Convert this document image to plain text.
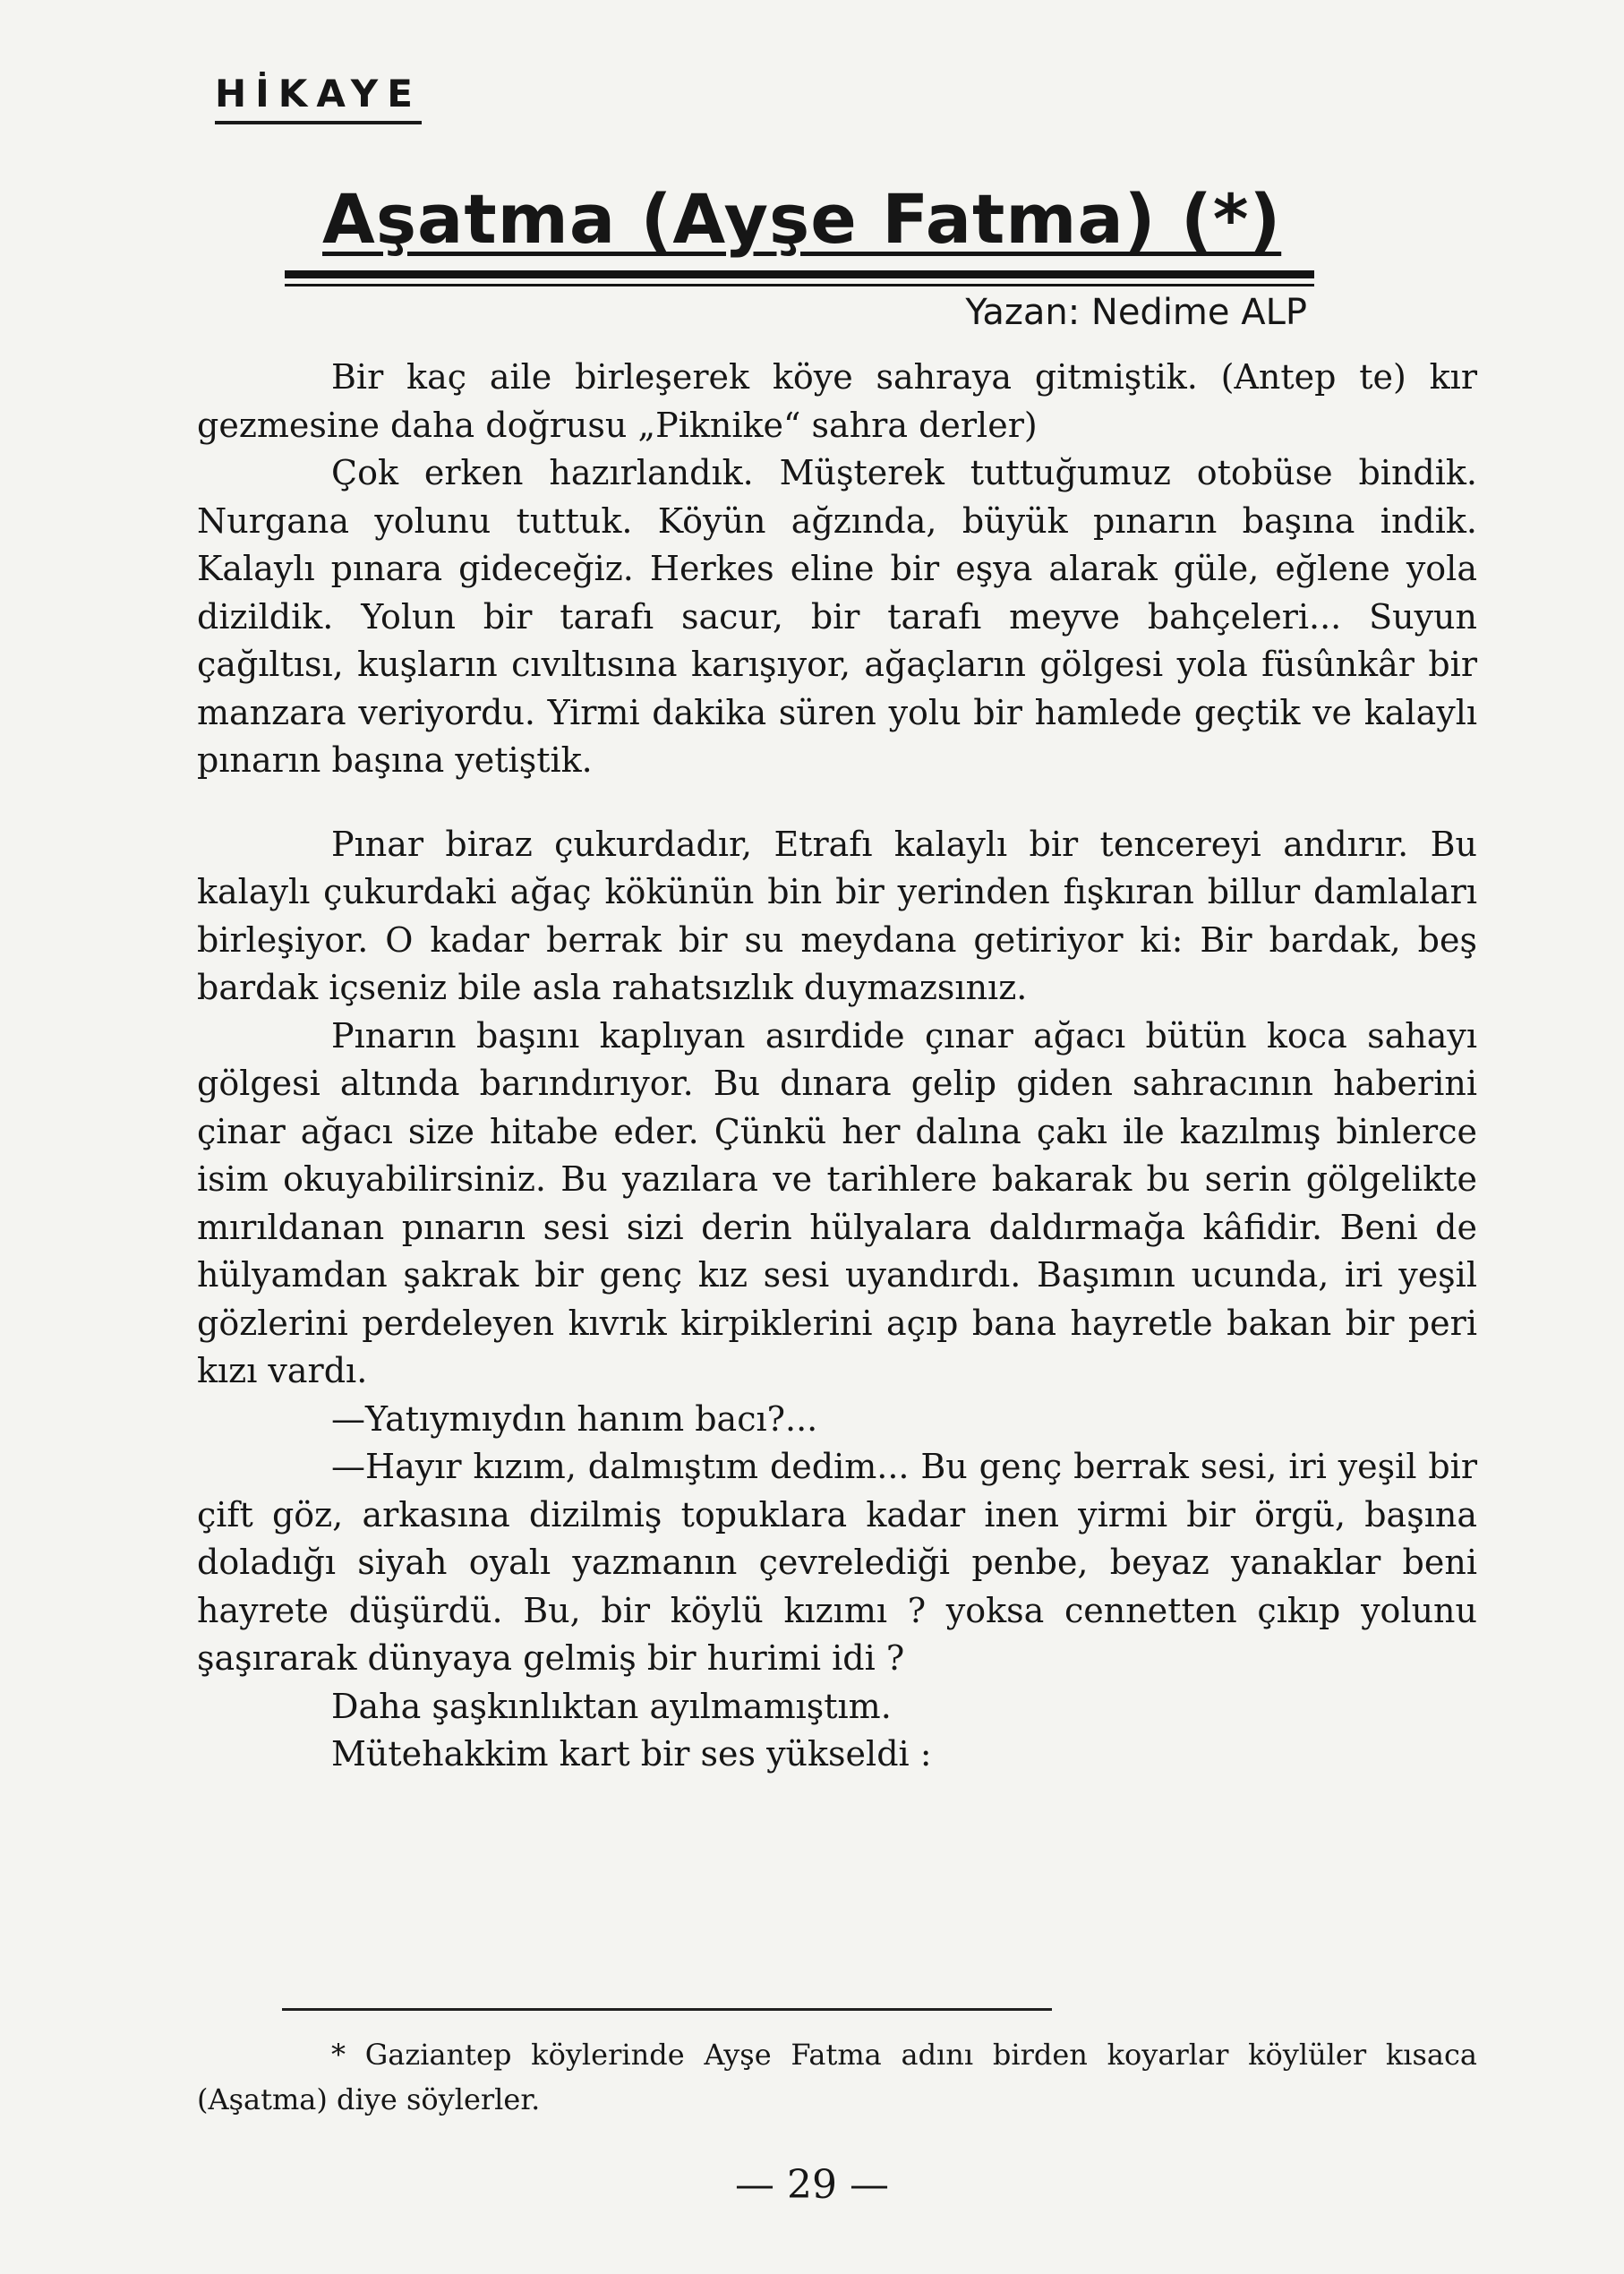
HİKAYE
Aşatma (Ayşe Fatma) (*)
Yazan: Nedime ALP

Bir kaç aile birleşerek köye sahraya gitmiştik. (Antep te) kır gezmesine daha doğrusu „Piknike“ sahra derler)

Çok erken hazırlandık. Müşterek tuttuğumuz otobüse bindik. Nurgana yolunu tuttuk. Köyün ağzında, büyük pınarın başına indik. Kalaylı pınara gideceğiz. Herkes eline bir eşya alarak güle, eğlene yola dizildik. Yolun bir tarafı sacur, bir tarafı meyve bahçeleri... Suyun çağıltısı, kuşların cıvıltısına karışıyor, ağaçların gölgesi yola füsûnkâr bir manzara veriyordu. Yirmi dakika süren yolu bir hamlede geçtik ve kalaylı pınarın başına yetiştik.

Pınar biraz çukurdadır, Etrafı kalaylı bir tencereyi andırır. Bu kalaylı çukurdaki ağaç kökünün bin bir yerinden fışkıran billur damlaları birleşiyor. O kadar berrak bir su meydana getiriyor ki: Bir bardak, beş bardak içseniz bile asla rahatsızlık duymazsınız.

Pınarın başını kaplıyan asırdide çınar ağacı bütün koca sahayı gölgesi altında barındırıyor. Bu dınara gelip giden sahracının haberini çinar ağacı size hitabe eder. Çünkü her dalına çakı ile kazılmış binlerce isim okuyabilirsiniz. Bu yazılara ve tarihlere bakarak bu serin gölgelikte mırıldanan pınarın sesi sizi derin hülyalara daldırmağa kâfidir. Beni de hülyamdan şakrak bir genç kız sesi uyandırdı. Başımın ucunda, iri yeşil gözlerini perdeleyen kıvrık kirpiklerini açıp bana hayretle bakan bir peri kızı vardı.

—Yatıymıydın hanım bacı?...

—Hayır kızım, dalmıştım dedim... Bu genç berrak sesi, iri yeşil bir çift göz, arkasına dizilmiş topuklara kadar inen yirmi bir örgü, başına doladığı siyah oyalı yazmanın çevrelediği penbe, beyaz yanaklar beni hayrete düşürdü. Bu, bir köylü kızımı ? yoksa cennetten çıkıp yolunu şaşırarak dünyaya gelmiş bir hurimi idi ?

Daha şaşkınlıktan ayılmamıştım.

Mütehakkim kart bir ses yükseldi :

* Gaziantep köylerinde Ayşe Fatma adını birden koyarlar köylüler kısaca (Aşatma) diye söylerler.
— 29 —
